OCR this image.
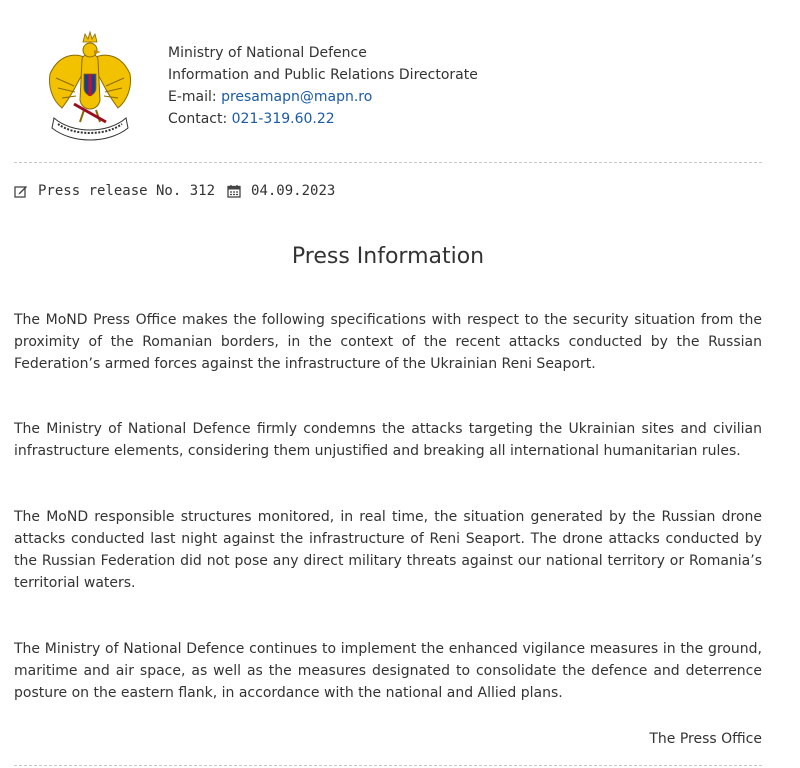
Ministry of National Defence
Information and Public Relations Directorate
E-mail: presamapn@mapn.ro
Contact: 021-319.60.22
Press release No. 312	04.09.2023
Press Information

The MoND Press Office makes the following specifications with respect to the security situation from the proximity of the Romanian borders, in the context of the recent attacks conducted by the Russian Federation’s armed forces against the infrastructure of the Ukrainian Reni Seaport.

The Ministry of National Defence firmly condemns the attacks targeting the Ukrainian sites and civilian infrastructure elements, considering them unjustified and breaking all international humanitarian rules.

The MoND responsible structures monitored, in real time, the situation generated by the Russian drone attacks conducted last night against the infrastructure of Reni Seaport. The drone attacks conducted by the Russian Federation did not pose any direct military threats against our national territory or Romania’s territorial waters.

The Ministry of National Defence continues to implement the enhanced vigilance measures in the ground, maritime and air space, as well as the measures designated to consolidate the defence and deterrence posture on the eastern flank, in accordance with the national and Allied plans.

The Press Office
